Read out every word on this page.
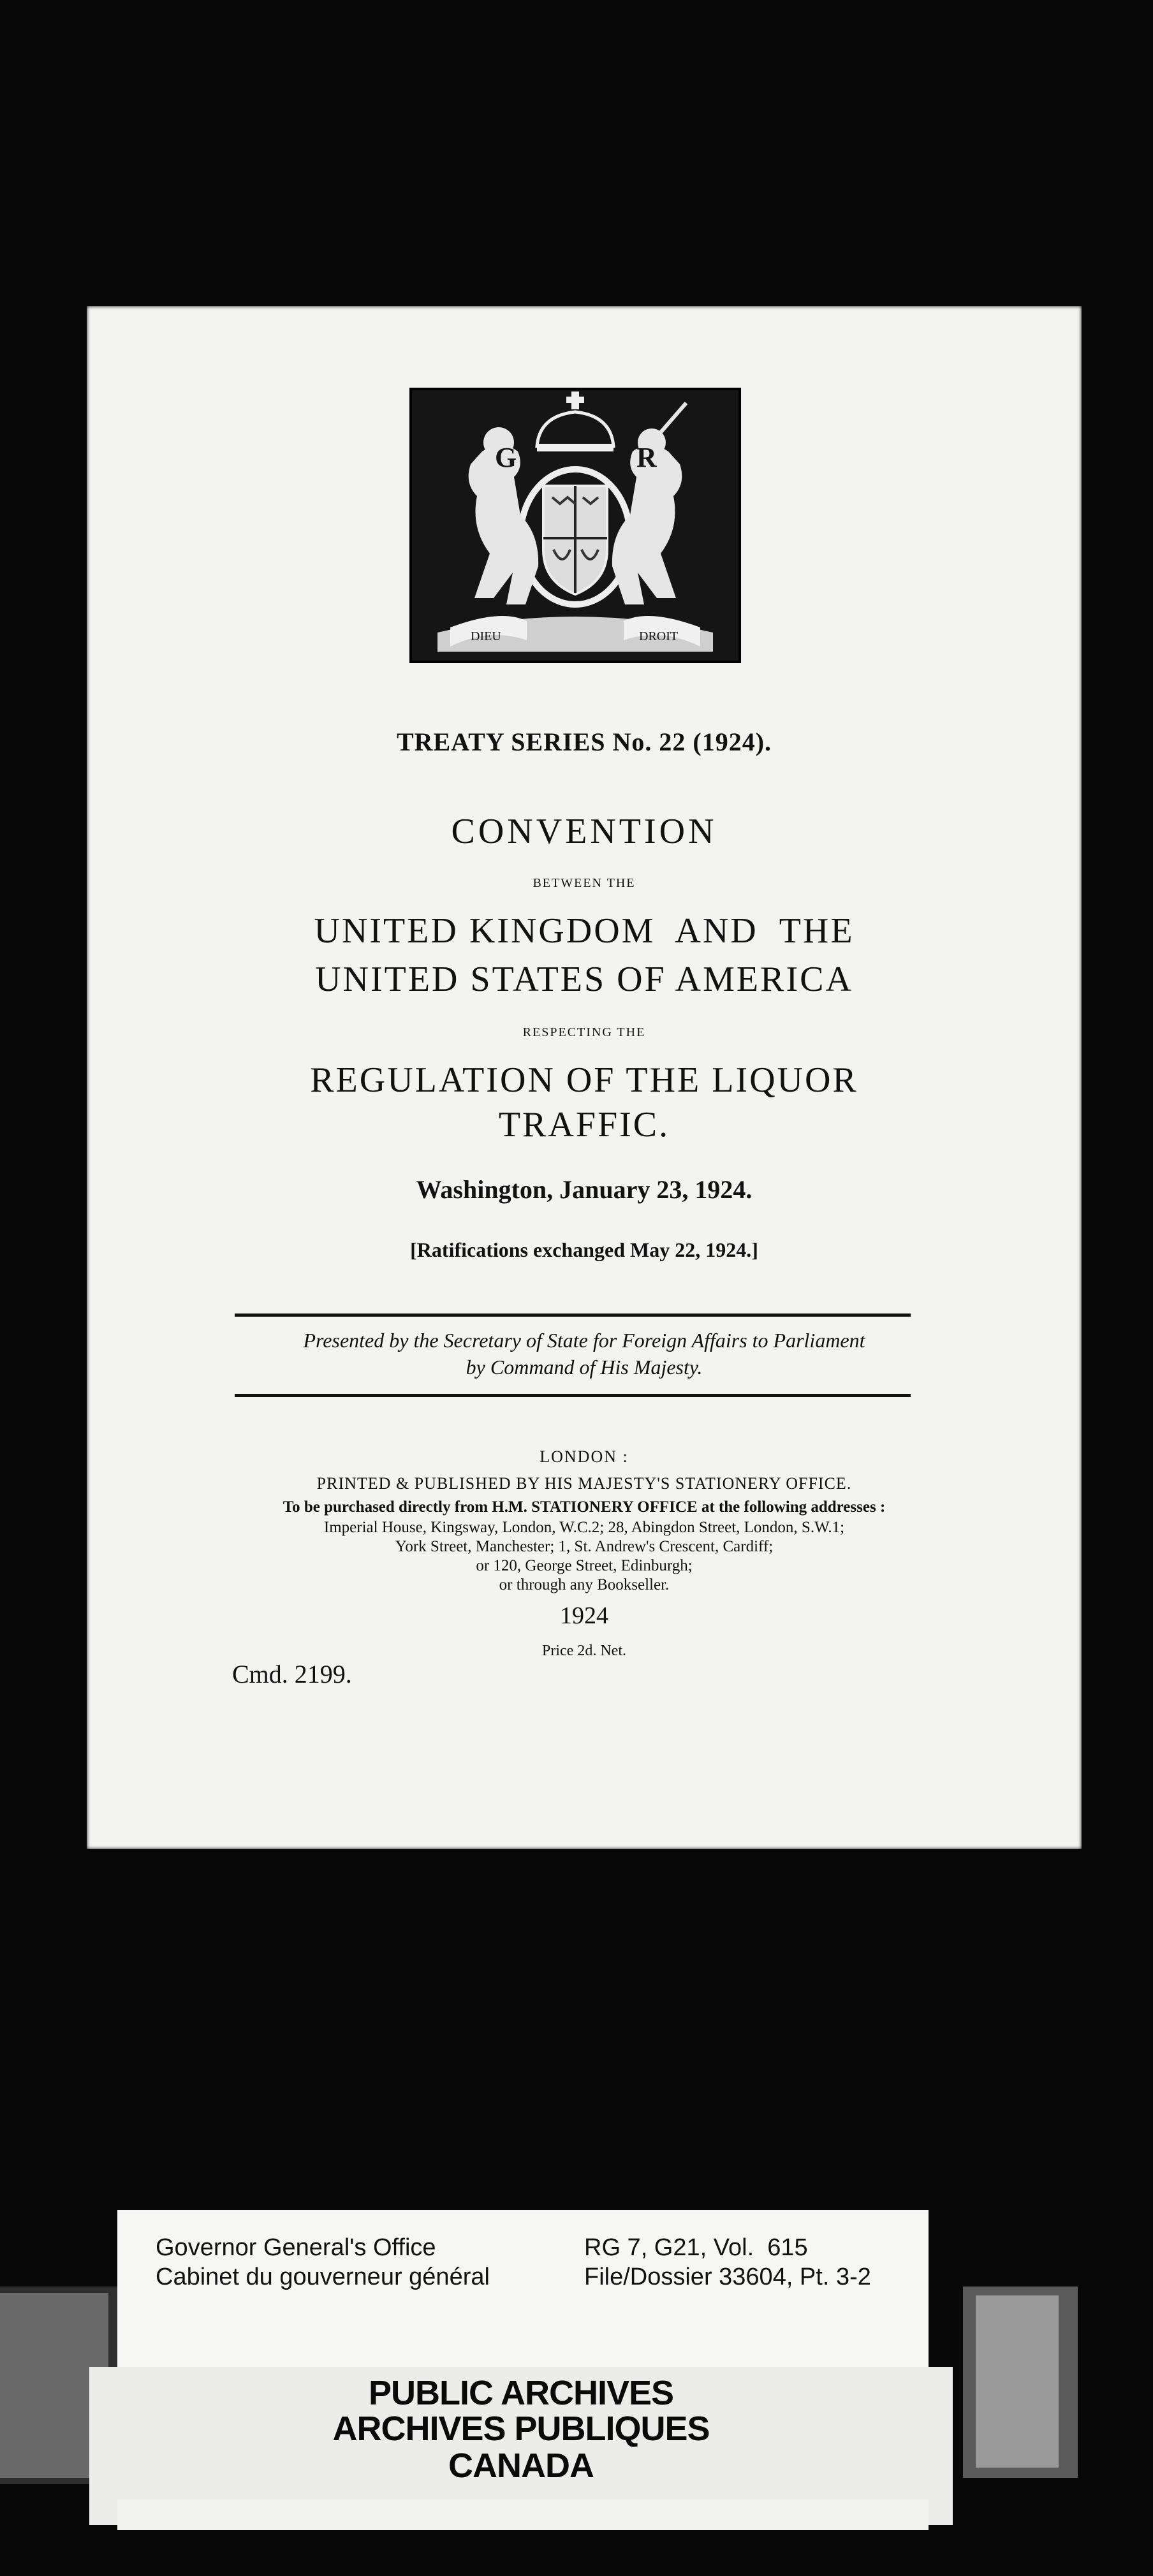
G	R
DIEU	DROIT
TREATY SERIES No. 22 (1924).
CONVENTION
BETWEEN THE
UNITED KINGDOM  AND  THE
UNITED STATES OF AMERICA
RESPECTING THE
REGULATION OF THE LIQUOR
TRAFFIC.
Washington, January 23, 1924.
[Ratifications exchanged May 22, 1924.]
Presented by the Secretary of State for Foreign Affairs to Parliament
by Command of His Majesty.
LONDON :
PRINTED & PUBLISHED BY HIS MAJESTY'S STATIONERY OFFICE.
To be purchased directly from H.M. STATIONERY OFFICE at the following addresses :
Imperial House, Kingsway, London, W.C.2; 28, Abingdon Street, London, S.W.1;
York Street, Manchester; 1, St. Andrew's Crescent, Cardiff;
or 120, George Street, Edinburgh;
or through any Bookseller.
1924
Price 2d. Net.
Cmd. 2199.
Governor General's Office
Cabinet du gouverneur général
RG 7, G21, Vol.  615
File/Dossier 33604, Pt. 3-2
PUBLIC ARCHIVES
ARCHIVES PUBLIQUES
CANADA
